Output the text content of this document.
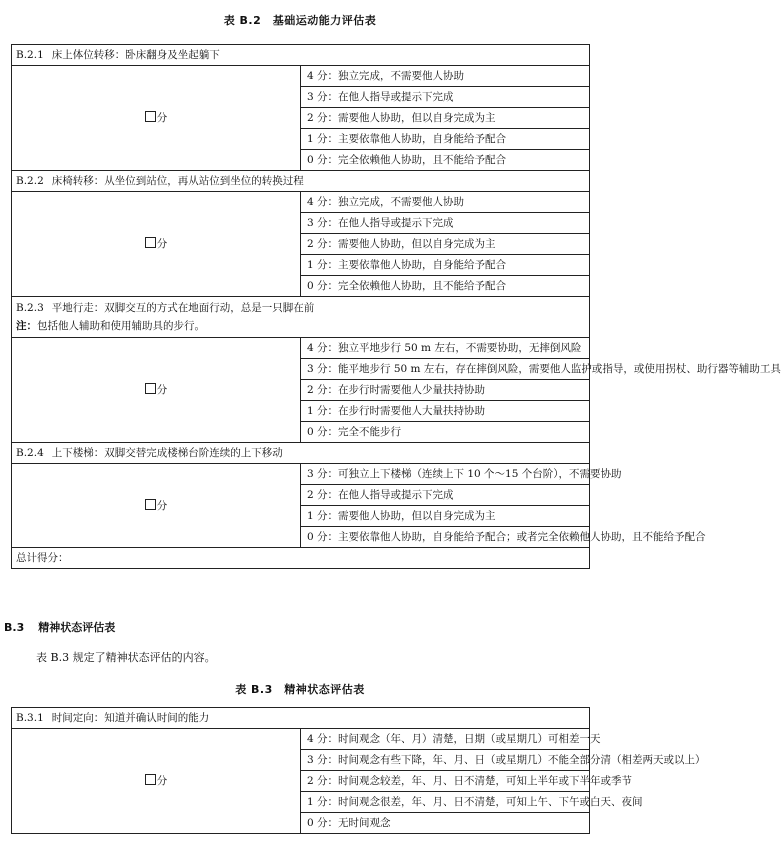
表 B.2　基础运动能力评估表
B.2.1 床上体位转移：卧床翻身及坐起躺下	
分	4 分：独立完成，不需要他人协助
	3 分：在他人指导或提示下完成
	2 分：需要他人协助，但以自身完成为主
	1 分：主要依靠他人协助，自身能给予配合
	0 分：完全依赖他人协助，且不能给予配合
B.2.2 床椅转移：从坐位到站位，再从站位到坐位的转换过程	
分	4 分：独立完成，不需要他人协助
	3 分：在他人指导或提示下完成
	2 分：需要他人协助，但以自身完成为主
	1 分：主要依靠他人协助，自身能给予配合
	0 分：完全依赖他人协助，且不能给予配合

B.2.3 平地行走：双脚交互的方式在地面行动，总是一只脚在前
注：包括他人辅助和使用辅助具的步行。	

分	4 分：独立平地步行 50 m 左右，不需要协助，无摔倒风险
	3 分：能平地步行 50 m 左右，存在摔倒风险，需要他人监护或指导，或使用拐杖、助行器等辅助工具
	2 分：在步行时需要他人少量扶持协助
	1 分：在步行时需要他人大量扶持协助
	0 分：完全不能步行
B.2.4 上下楼梯：双脚交替完成楼梯台阶连续的上下移动	
分	3 分：可独立上下楼梯（连续上下 10 个～15 个台阶），不需要协助
	2 分：在他人指导或提示下完成
	1 分：需要他人协助，但以自身完成为主
	0 分：主要依靠他人协助，自身能给予配合；或者完全依赖他人协助，且不能给予配合
总计得分：	
B.3 精神状态评估表
表 B.3 规定了精神状态评估的内容。
表 B.3　精神状态评估表
B.3.1 时间定向：知道并确认时间的能力
分	4 分：时间观念（年、月）清楚，日期（或星期几）可相差一天
3 分：时间观念有些下降，年、月、日（或星期几）不能全部分清（相差两天或以上）
2 分：时间观念较差，年、月、日不清楚，可知上半年或下半年或季节
1 分：时间观念很差，年、月、日不清楚，可知上午、下午或白天、夜间
0 分：无时间观念
